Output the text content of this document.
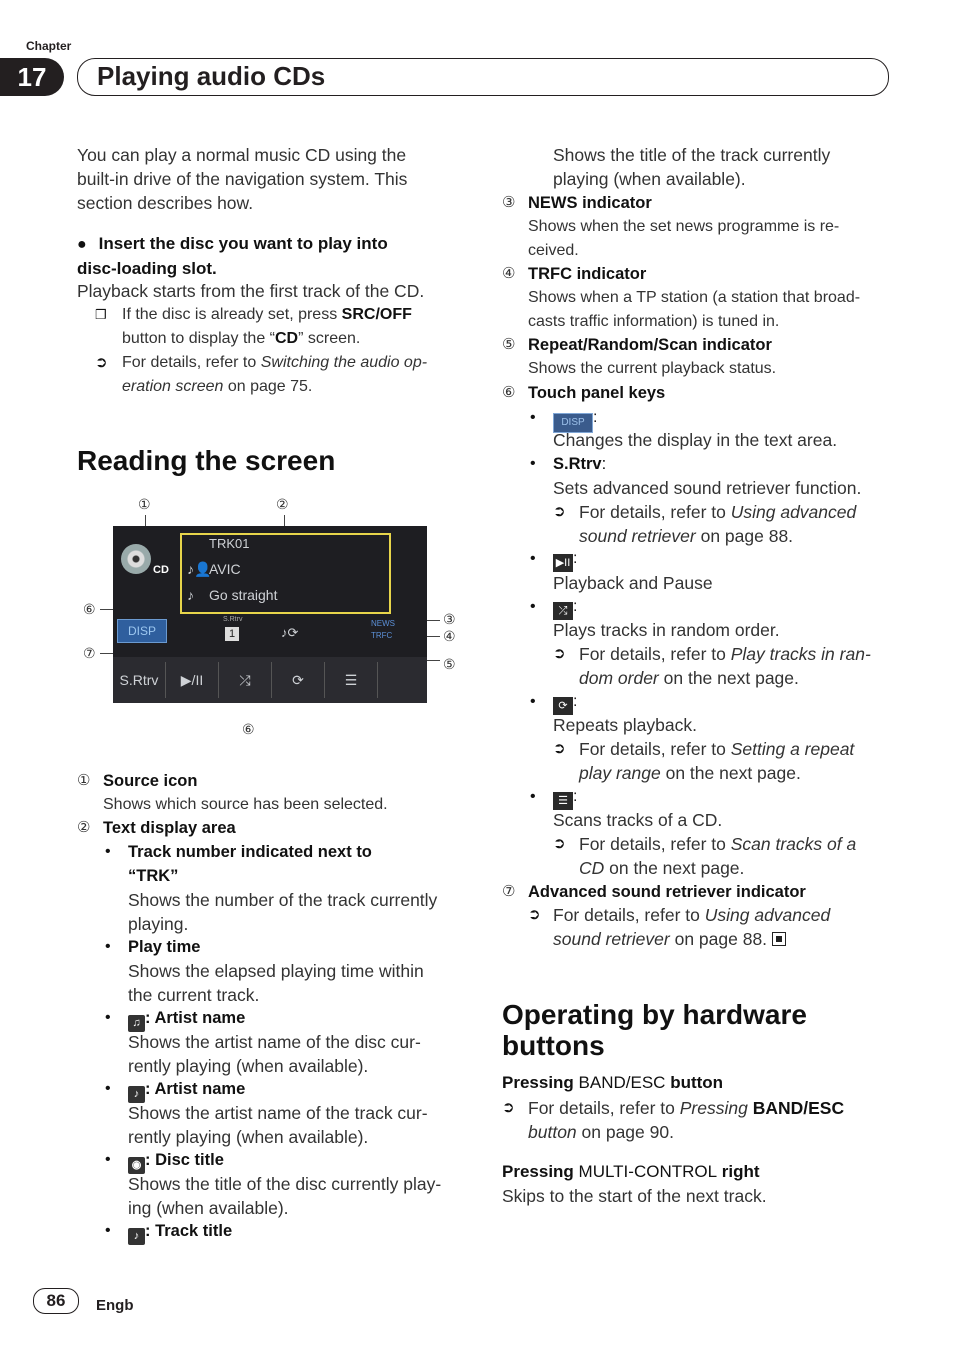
Chapter
17	Playing audio CDs
You can play a normal music CD using the
built-in drive of the navigation system. This
section describes how.
● Insert the disc you want to play into
disc-loading slot.
Playback starts from the first track of the CD.
❒ If the disc is already set, press SRC/OFF
button to display the “CD” screen.
➲ For details, refer to Switching the audio op-
eration screen on page 75.
Reading the screen
①	②
③
④
⑤
⑥
⑦
⑥
CD
TRK01
♪👤
AVIC
♪ Go straight
DISP
S.Rtrv
1	♪⟳
NEWS
TRFC
S.Rtrv	▶/II	⤮	⟳	☰
① Source icon
Shows which source has been selected.
② Text display area
• Track number indicated next to
“TRK”
Shows the number of the track currently
playing.
• Play time
Shows the elapsed playing time within
the current track.
•	♫ : Artist name
Shows the artist name of the disc cur-
rently playing (when available).
•	♪ : Artist name
Shows the artist name of the track cur-
rently playing (when available).
•	◉ : Disc title
Shows the title of the disc currently play-
ing (when available).
•	♪ : Track title
Shows the title of the track currently
playing (when available).
③ NEWS indicator
Shows when the set news programme is re-
ceived.
④ TRFC indicator
Shows when a TP station (a station that broad-
casts traffic information) is tuned in.
⑤ Repeat/Random/Scan indicator
Shows the current playback status.
⑥ Touch panel keys
•	DISP :
Changes the display in the text area.
• S.Rtrv:
Sets advanced sound retriever function.
➲ For details, refer to Using advanced
sound retriever on page 88.
• ▶II :
Playback and Pause
•	⤮ :
Plays tracks in random order.
➲ For details, refer to Play tracks in ran-
dom order on the next page.
•	⟳ :
Repeats playback.
➲ For details, refer to Setting a repeat
play range on the next page.
•	☰ :
Scans tracks of a CD.
➲ For details, refer to Scan tracks of a
CD on the next page.
⑦ Advanced sound retriever indicator
➲ For details, refer to Using advanced
sound retriever on page 88.
Operating by hardware
buttons
Pressing BAND/ESC button
➲ For details, refer to Pressing BAND/ESC
button on page 90.
Pressing MULTI-CONTROL right
Skips to the start of the next track.
86	Engb
